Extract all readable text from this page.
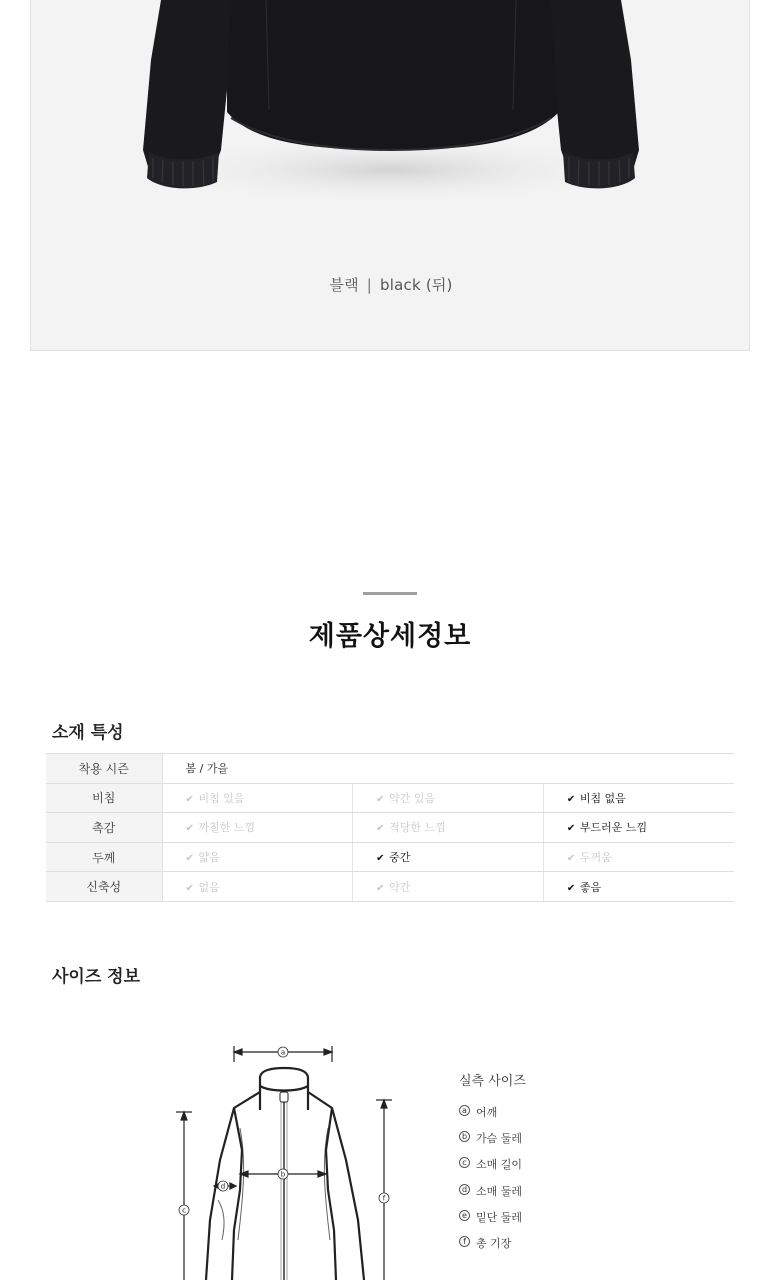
블랙 | black (뒤)
제품상세정보
소재 특성
착용 시즌	봄 / 가을		
비침	✔ 비침 있음	✔ 약간 있음	✔ 비침 없음
촉감	✔ 까칠한 느낌	✔ 적당한 느낌	✔ 부드러운 느낌
두께	✔ 얇음	✔ 중간	✔ 두꺼움
신축성	✔ 없음	✔ 약간	✔ 좋음
사이즈 정보
a
b
c
d
f
실측 사이즈
a 어깨
b 가슴 둘레
c 소매 길이
d 소매 둘레
e 밑단 둘레
f 총 기장
